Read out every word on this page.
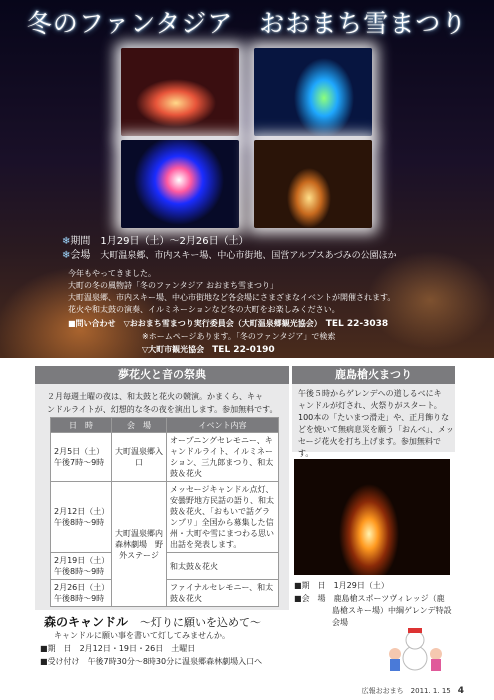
冬のファンタジア　おおまち雪まつり
❄期間　 1月29日（土）～2月26日（土）
❄会場　 大町温泉郷、市内スキー場、中心市街地、国営アルプスあづみの公園ほか
今年もやってきました。
大町の冬の風物詩「冬のファンタジア おおまち雪まつり」
大町温泉郷、市内スキー場、中心市街地など各会場にさまざまなイベントが開催されます。
花火や和太鼓の演奏、イルミネーションなど冬の大町をお楽しみください。
■問い合わせ　 ▽おおまち雪まつり実行委員会（大町温泉郷観光協会）　 TEL 22-3038
※ホームページあります。「冬のファンタジア」で検索
▽大町市観光協会　 TEL 22-0190
夢花火と音の祭典
２月毎週土曜の夜は、和太鼓と花火の競演。かまくら、キャ
ンドルライトが、幻想的な冬の夜を演出します。参加無料です。
日　時	会　場	イベント内容

2月5日（土）
午後7時～9時	大町温泉郷入口	オープニングセレモニー、キャンドルライト、イルミネーション、三九郎まつり、和太鼓＆花火

2月12日（土）
午後8時～9時	大町温泉郷内森林劇場　野　外ステージ	メッセージキャンドル点灯、安曇野地方民話の語り、和太鼓＆花火、「おもいで話グランプリ」全国から募集した信州・大町や雪にまつわる思い出話を発表します。

2月19日（土）
午後8時～9時		和太鼓＆花火

2月26日（土）
午後8時～9時		ファイナルセレモニー、和太鼓＆花火
森のキャンドル　 ～灯りに願いを込めて～
キャンドルに願い事を書いて灯してみませんか。
■期　日　 2月12日・19日・26日　土曜日
■受け付け　 午後7時30分～8時30分に温泉郷森林劇場入口へ
鹿島槍火まつり
午後５時からゲレンデへの道しるべにキ
ャンドルが灯され、火祭りがスタート。
100本の「たいまつ滑走」や、正月飾りな
どを焼いて無病息災を願う「おんべ」、メッ
セージ花火を打ち上げます。参加無料です。
■期　日　 1月29日（土）
■会　場　 鹿島槍スポーツヴィレッジ（鹿
島槍スキー場）中綱ゲレンデ特設
会場
広報おおまち　2011. 1. 15　 4
